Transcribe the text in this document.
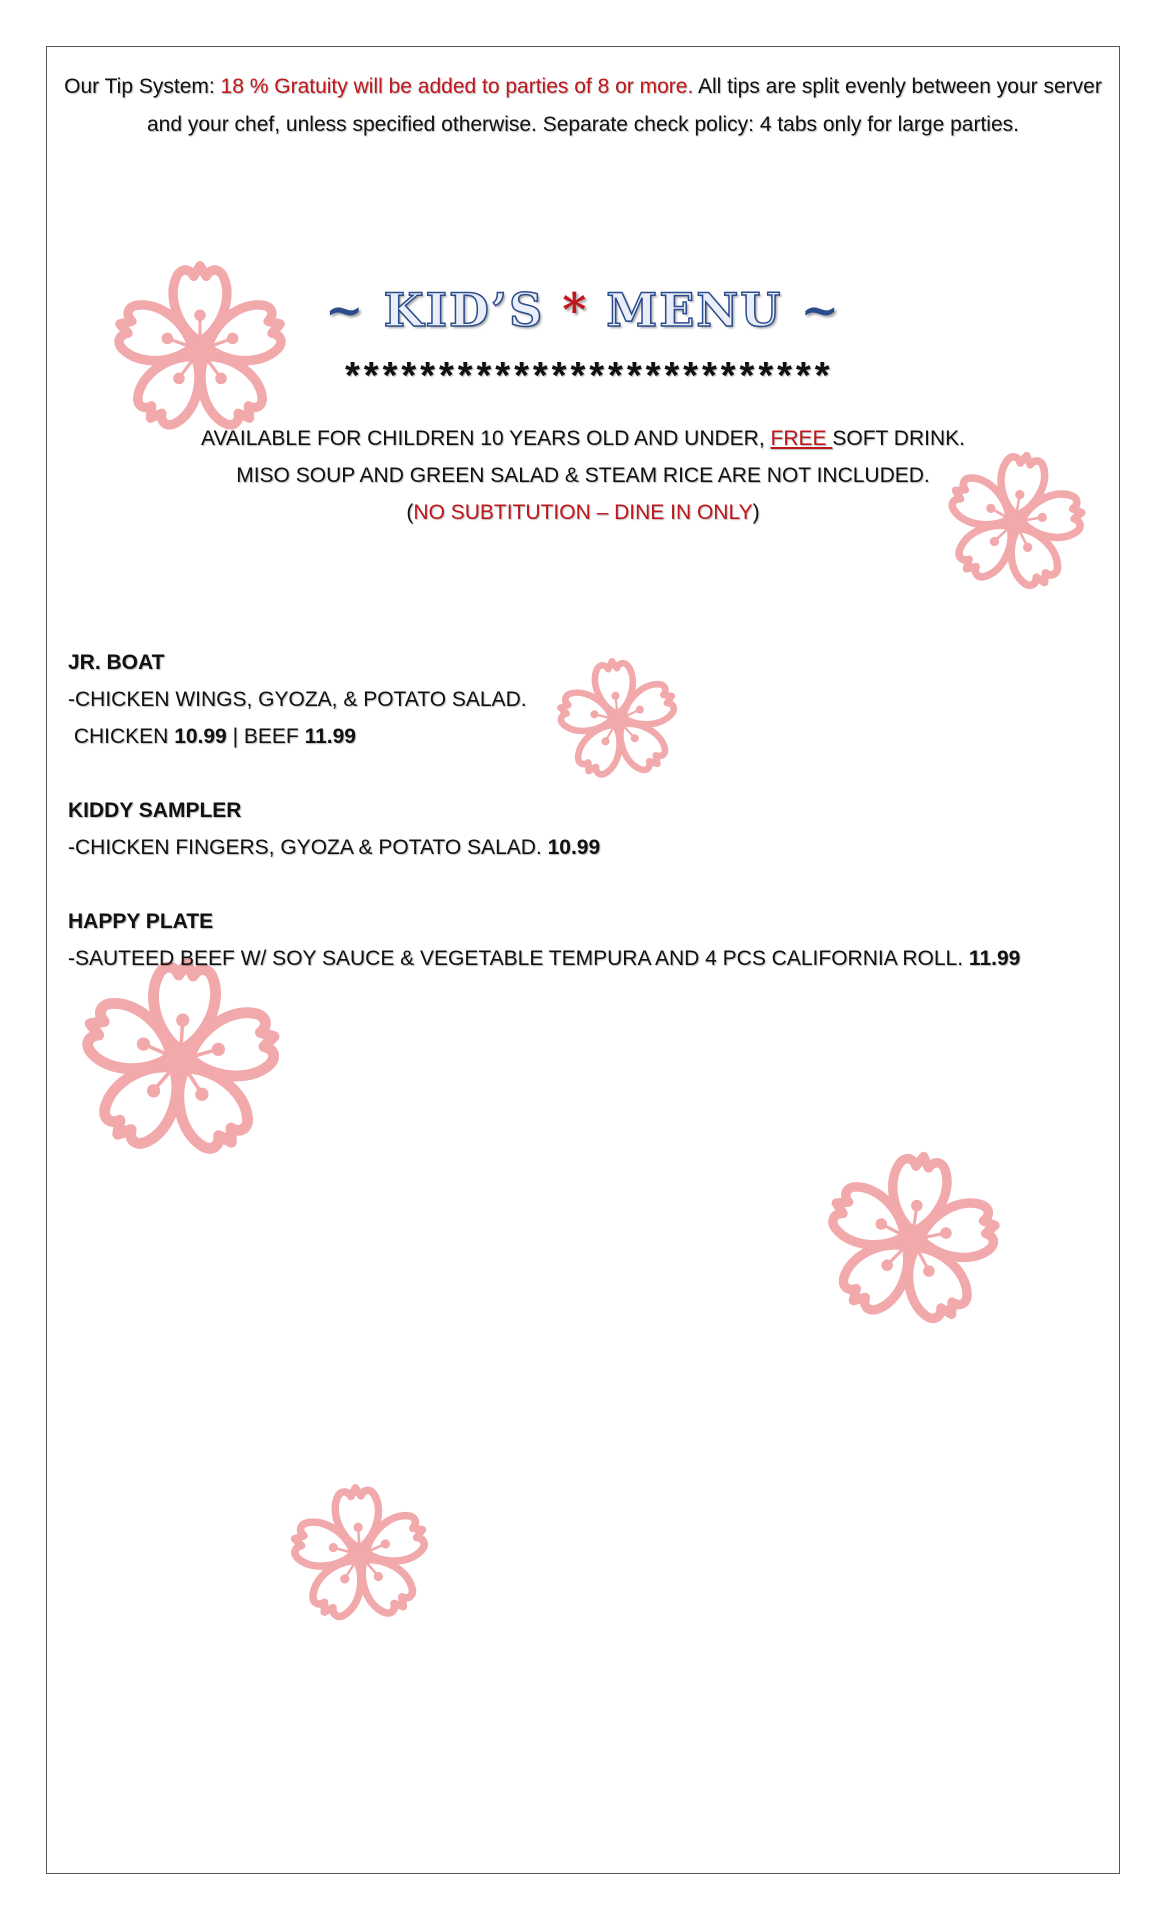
Our Tip System: 18 % Gratuity will be added to parties of 8 or more. All tips are split evenly between your server
and your chef, unless specified otherwise. Separate check policy: 4 tabs only for large parties.
~ KID’S * MENU ~
**************************
AVAILABLE FOR CHILDREN 10 YEARS OLD AND UNDER, FREE SOFT DRINK.
MISO SOUP AND GREEN SALAD & STEAM RICE ARE NOT INCLUDED.
(NO SUBTITUTION – DINE IN ONLY)
JR. BOAT
-CHICKEN WINGS, GYOZA, & POTATO SALAD.
CHICKEN 10.99 | BEEF 11.99
KIDDY SAMPLER
-CHICKEN FINGERS, GYOZA & POTATO SALAD. 10.99
HAPPY PLATE
-SAUTEED BEEF W/ SOY SAUCE & VEGETABLE TEMPURA AND 4 PCS CALIFORNIA ROLL. 11.99
